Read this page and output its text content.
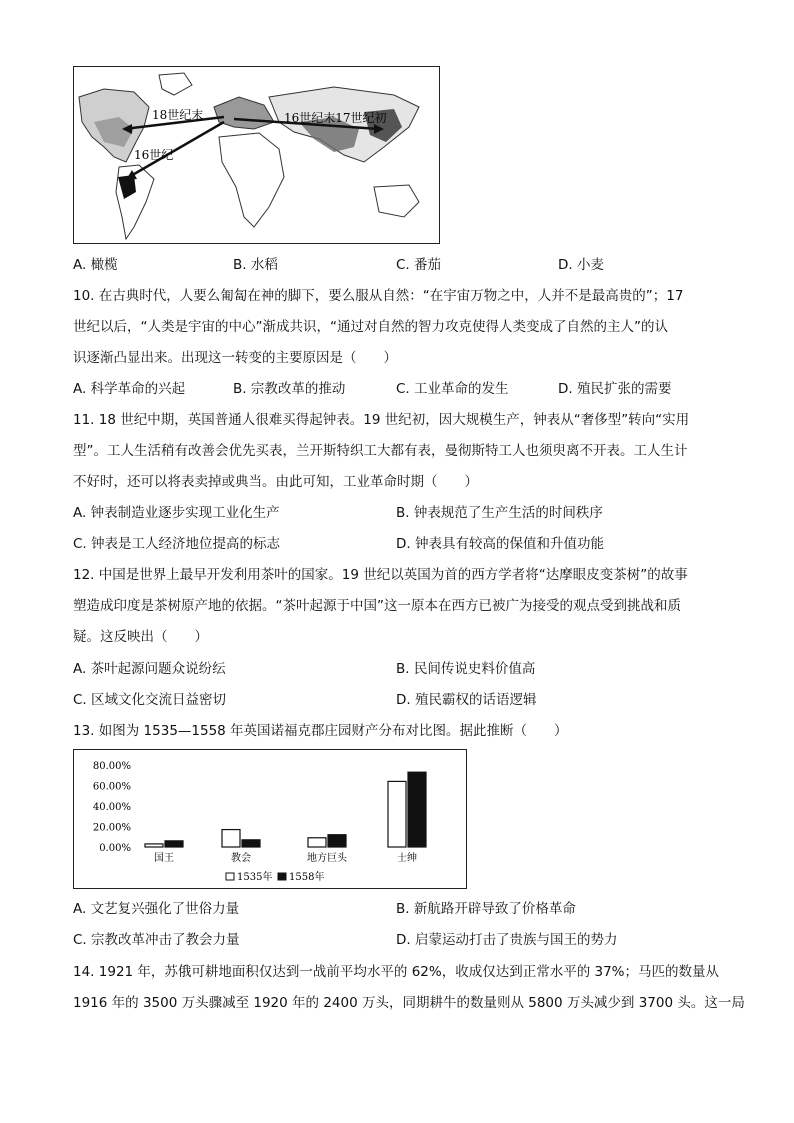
18世纪末	16世纪末17世纪初
16世纪
A. 橄榄	B. 水稻	C. 番茄	D. 小麦
10. 在古典时代，人要么匍匐在神的脚下，要么服从自然：“在宇宙万物之中，人并不是最高贵的”；17
世纪以后，“人类是宇宙的中心”渐成共识，“通过对自然的智力攻克使得人类变成了自然的主人”的认
识逐渐凸显出来。出现这一转变的主要原因是（　　）
A. 科学革命的兴起	B. 宗教改革的推动	C. 工业革命的发生	D. 殖民扩张的需要
11. 18 世纪中期，英国普通人很难买得起钟表。19 世纪初，因大规模生产，钟表从“奢侈型”转向“实用
型”。工人生活稍有改善会优先买表，兰开斯特织工大都有表，曼彻斯特工人也须臾离不开表。工人生计
不好时，还可以将表卖掉或典当。由此可知，工业革命时期（　　）
A. 钟表制造业逐步实现工业化生产	B. 钟表规范了生产生活的时间秩序
C. 钟表是工人经济地位提高的标志	D. 钟表具有较高的保值和升值功能
12. 中国是世界上最早开发利用茶叶的国家。19 世纪以英国为首的西方学者将“达摩眼皮变茶树”的故事
塑造成印度是茶树原产地的依据。“茶叶起源于中国”这一原本在西方已被广为接受的观点受到挑战和质
疑。这反映出（　　）
A. 茶叶起源问题众说纷纭	B. 民间传说史料价值高
C. 区域文化交流日益密切	D. 殖民霸权的话语逻辑
13. 如图为 1535—1558 年英国诺福克郡庄园财产分布对比图。据此推断（　　）
0.00%
20.00%
40.00%
60.00%
80.00%
国王	教会	地方巨头	士绅
1535年 1558年
A. 文艺复兴强化了世俗力量	B. 新航路开辟导致了价格革命
C. 宗教改革冲击了教会力量	D. 启蒙运动打击了贵族与国王的势力
14. 1921 年，苏俄可耕地面积仅达到一战前平均水平的 62%，收成仅达到正常水平的 37%；马匹的数量从
1916 年的 3500 万头骤减至 1920 年的 2400 万头，同期耕牛的数量则从 5800 万头减少到 3700 头。这一局
